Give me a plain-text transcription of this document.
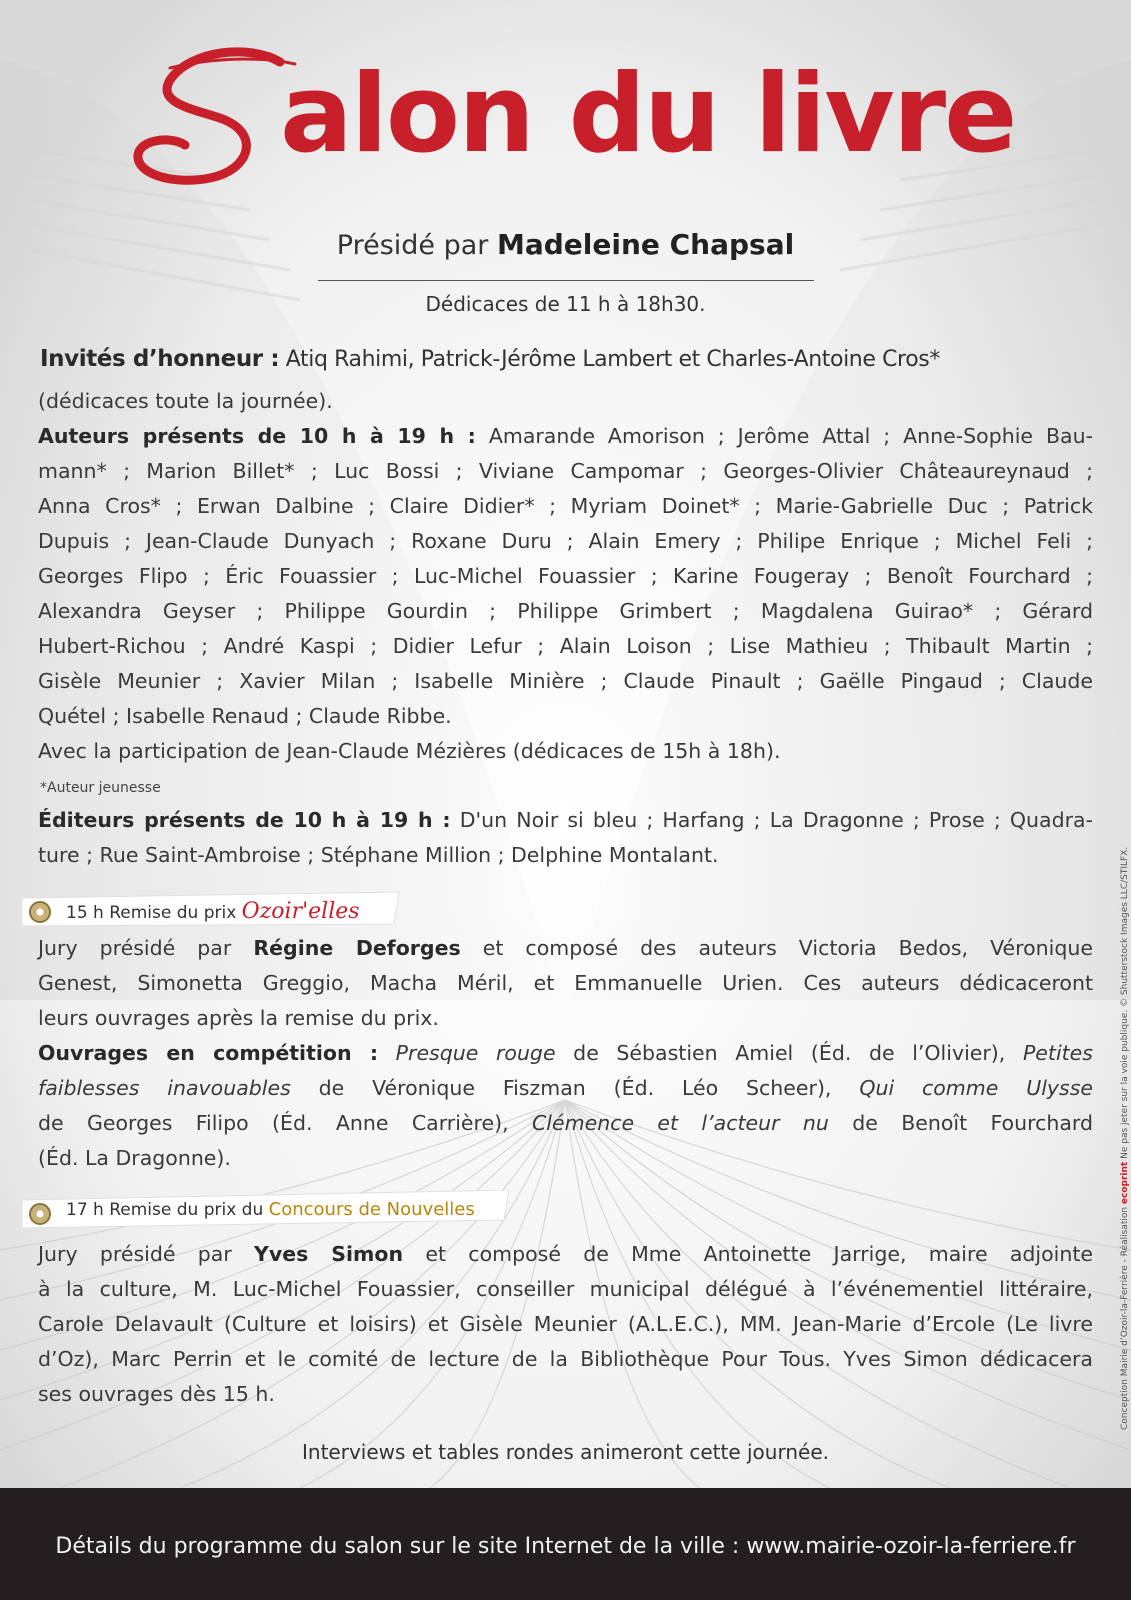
alon du livre
Présidé par Madeleine Chapsal
Dédicaces de 11 h à 18h30.
Invités d’honneur : Atiq Rahimi, Patrick-Jérôme Lambert et Charles-Antoine Cros*
(dédicaces toute la journée).
Auteurs présents de 10 h à 19 h : Amarande Amorison ; Jerôme Attal ; Anne-Sophie Bau-
mann* ; Marion Billet* ; Luc Bossi ; Viviane Campomar ; Georges-Olivier Châteaureynaud ;
Anna Cros* ; Erwan Dalbine ; Claire Didier* ; Myriam Doinet* ; Marie-Gabrielle Duc ; Patrick
Dupuis ; Jean-Claude Dunyach ; Roxane Duru ; Alain Emery ; Philipe Enrique ; Michel Feli ;
Georges Flipo ; Éric Fouassier ; Luc-Michel Fouassier ; Karine Fougeray ; Benoît Fourchard ;
Alexandra Geyser ; Philippe Gourdin ; Philippe Grimbert ; Magdalena Guirao* ; Gérard
Hubert-Richou ; André Kaspi ; Didier Lefur ; Alain Loison ; Lise Mathieu ; Thibault Martin ;
Gisèle Meunier ; Xavier Milan ; Isabelle Minière ; Claude Pinault ; Gaëlle Pingaud ; Claude
Quétel ; Isabelle Renaud ; Claude Ribbe.
Avec la participation de Jean-Claude Mézières (dédicaces de 15h à 18h).
*Auteur jeunesse
Éditeurs présents de 10 h à 19 h : D'un Noir si bleu ; Harfang ; La Dragonne ; Prose ; Quadra-
ture ; Rue Saint-Ambroise ; Stéphane Million ; Delphine Montalant.
15 h Remise du prix Ozoir'elles
Jury présidé par Régine Deforges et composé des auteurs Victoria Bedos, Véronique
Genest, Simonetta Greggio, Macha Méril, et Emmanuelle Urien. Ces auteurs dédicaceront
leurs ouvrages après la remise du prix.
Ouvrages en compétition : Presque rouge de Sébastien Amiel (Éd. de l’Olivier), Petites
faiblesses inavouables de Véronique Fiszman (Éd. Léo Scheer), Qui comme Ulysse
de Georges Filipo (Éd. Anne Carrière), Clémence et l’acteur nu de Benoît Fourchard
(Éd. La Dragonne).
17 h Remise du prix du Concours de Nouvelles
Jury présidé par Yves Simon et composé de Mme Antoinette Jarrige, maire adjointe
à la culture, M. Luc-Michel Fouassier, conseiller municipal délégué à l’événementiel littéraire,
Carole Delavault (Culture et loisirs) et Gisèle Meunier (A.L.E.C.), MM. Jean-Marie d’Ercole (Le livre
d’Oz), Marc Perrin et le comité de lecture de la Bibliothèque Pour Tous. Yves Simon dédicacera
ses ouvrages dès 15 h.
Interviews et tables rondes animeront cette journée.
Détails du programme du salon sur le site Internet de la ville : www.mairie-ozoir-la-ferriere.fr
Conception Mairie d’Ozoir-la-Ferrière - Réalisation ecoprint Ne pas jeter sur la voie publique. © Shutterstock Images LLC/STILFX.
